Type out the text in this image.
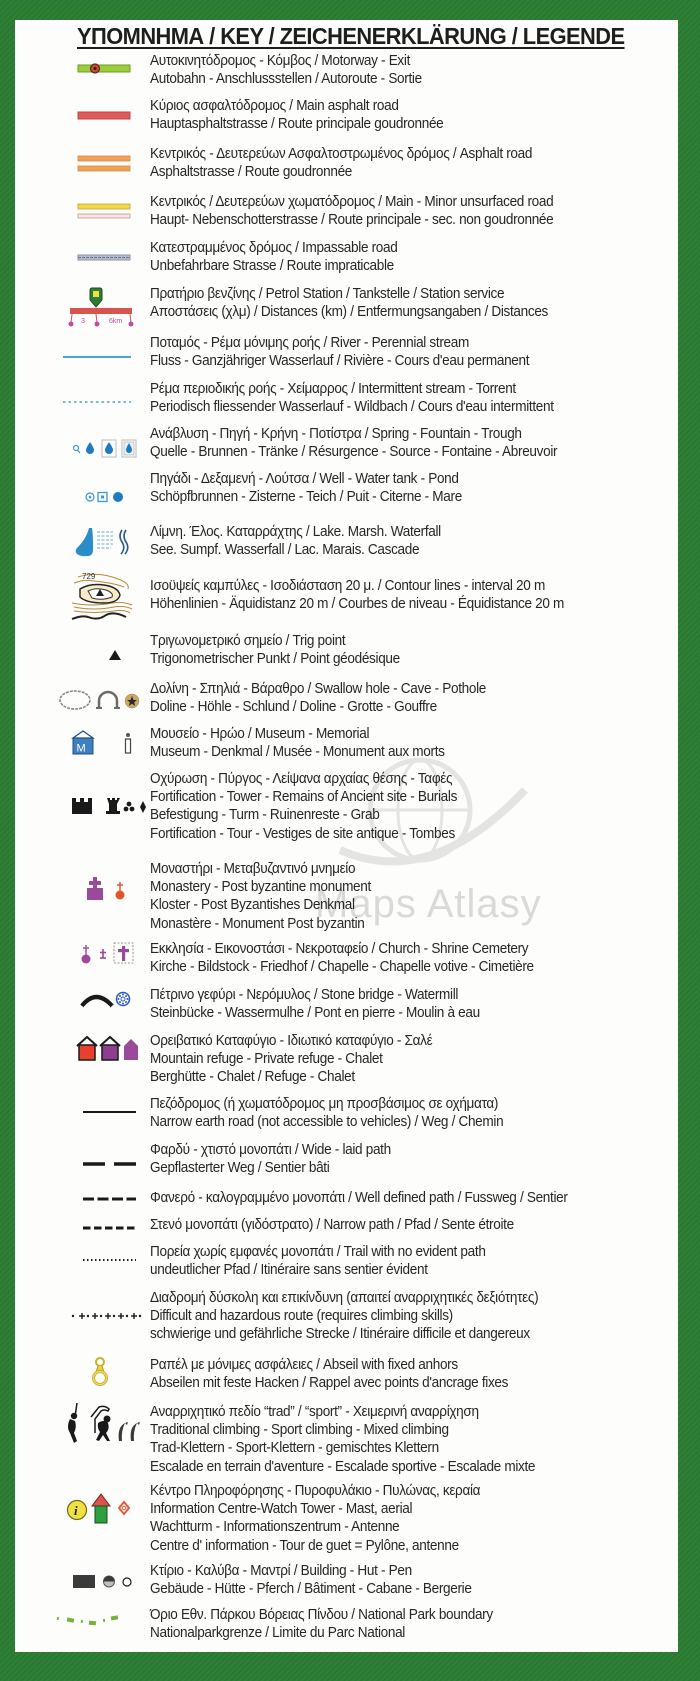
ΥΠΟΜΝΗΜΑ / KEY / ZEICHENERKLÄRUNG / LEGENDE
Maps Atlasy
Αυτοκινητόδρομος - Κόμβος / Motorway - Exit
Autobahn - Anschlussstellen / Autoroute - Sortie
Κύριος ασφαλτόδρομος / Main asphalt road
Hauptasphaltstrasse / Route principale goudronnée
Κεντρικός - Δευτερεύων Ασφαλτοστρωμένος δρόμος / Asphalt road
Asphaltstrasse / Route goudronnée
Κεντρικός / Δευτερεύων χωματόδρομος / Main - Minor unsurfaced road
Haupt- Nebenschotterstrasse / Route principale - sec. non goudronnée
Κατεστραμμένος δρόμος / Impassable road
Unbefahrbare Strasse / Route impraticable
3	6km
Πρατήριο βενζίνης / Petrol Station / Tankstelle / Station service
Αποστάσεις (χλμ) / Distances (km) / Entfermungsangaben / Distances
Ποταμός - Ρέμα μόνιμης ροής / River - Perennial stream
Fluss - Ganzjähriger Wasserlauf / Rivière - Cours d'eau permanent
Ρέμα περιοδικής ροής - Χείμαρρος / Intermittent stream - Torrent
Periodisch fliessender Wasserlauf - Wildbach / Cours d'eau intermittent
Ανάβλυση - Πηγή - Κρήνη - Ποτίστρα / Spring - Fountain - Trough
Quelle - Brunnen - Tränke / Résurgence - Source - Fontaine - Abreuvoir
Πηγάδι - Δεξαμενή - Λούτσα / Well - Water tank - Pond
Schöpfbrunnen - Zisterne - Teich / Puit - Citerne - Mare
Λίμνη. Έλος. Καταρράχτης / Lake. Marsh. Waterfall
See. Sumpf. Wasserfall / Lac. Marais. Cascade
729
Ισοϋψείς καμπύλες - Ισοδιάσταση 20 μ. / Contour lines - interval 20 m
Höhenlinien - Äquidistanz 20 m / Courbes de niveau - Équidistance 20 m
Τριγωνομετρικό σημείο / Trig point
Trigonometrischer Punkt / Point géodésique
Δολίνη - Σπηλιά - Βάραθρο / Swallow hole - Cave - Pothole
Doline - Höhle - Schlund / Doline - Grotte - Gouffre
M
Μουσείο - Ηρώο / Museum - Memorial
Museum - Denkmal / Musée - Monument aux morts
Οχύρωση - Πύργος - Λείψανα αρχαίας θέσης - Ταφές
Fortification - Tower - Remains of Ancient site - Burials
Befestigung - Turm - Ruinenreste - Grab
Fortification - Tour - Vestiges de site antique - Tombes
Μοναστήρι - Μεταβυζαντινό μνημείο
Monastery - Post byzantine monument
Kloster - Post Byzantishes Denkmal
Monastère - Monument Post byzantin
Εκκλησία - Εικονοστάσι - Νεκροταφείο / Church - Shrine Cemetery
Kirche - Bildstock - Friedhof / Chapelle - Chapelle votive - Cimetière
Πέτρινο γεφύρι - Νερόμυλος / Stone bridge - Watermill
Steinbücke - Wassermulhe / Pont en pierre - Moulin à eau
Ορειβατικό Καταφύγιο - Ιδιωτικό καταφύγιο - Σαλέ
Mountain refuge - Private refuge - Chalet
Berghütte - Chalet / Refuge - Chalet
Πεζόδρομος (ή χωματόδρομος μη προσβάσιμος σε οχήματα)
Narrow earth road (not accessible to vehicles) / Weg / Chemin
Φαρδύ - χτιστό μονοπάτι / Wide - laid path
Gepflasterter Weg / Sentier bâti
Φανερό - καλογραμμένο μονοπάτι / Well defined path / Fussweg / Sentier
Στενό μονοπάτι (γιδόστρατο) / Narrow path / Pfad / Sente étroite
Πορεία χωρίς εμφανές μονοπάτι / Trail with no evident path
undeutlicher Pfad / Itinéraire sans sentier évident
Διαδρομή δύσκολη και επικίνδυνη (απαιτεί αναρριχητικές δεξιότητες)
Difficult and hazardous route (requires climbing skills)
schwierige und gefährliche Strecke / Itinéraire difficile et dangereux
Ραπέλ με μόνιμες ασφάλειες / Abseil with fixed anhors
Abseilen mit feste Hacken / Rappel avec points d'ancrage fixes
Αναρριχητικό πεδίο “trad” / “sport” - Χειμερινή αναρρίχηση
Traditional climbing - Sport climbing - Mixed climbing
Trad-Klettern - Sport-Klettern - gemischtes Klettern
Escalade en terrain d'aventure - Escalade sportive - Escalade mixte
i
Κέντρο Πληροφόρησης - Πυροφυλάκιο - Πυλώνας, κεραία
Information Centre-Watch Tower - Mast, aerial
Wachtturm - Informationszentrum - Antenne
Centre d' information - Tour de guet = Pylône, antenne
Κτίριο - Καλύβα - Μαντρί / Building - Hut - Pen
Gebäude - Hütte - Pferch / Bâtiment - Cabane - Bergerie
Όριο Εθν. Πάρκου Βόρειας Πίνδου / National Park boundary
Nationalparkgrenze / Limite du Parc National
